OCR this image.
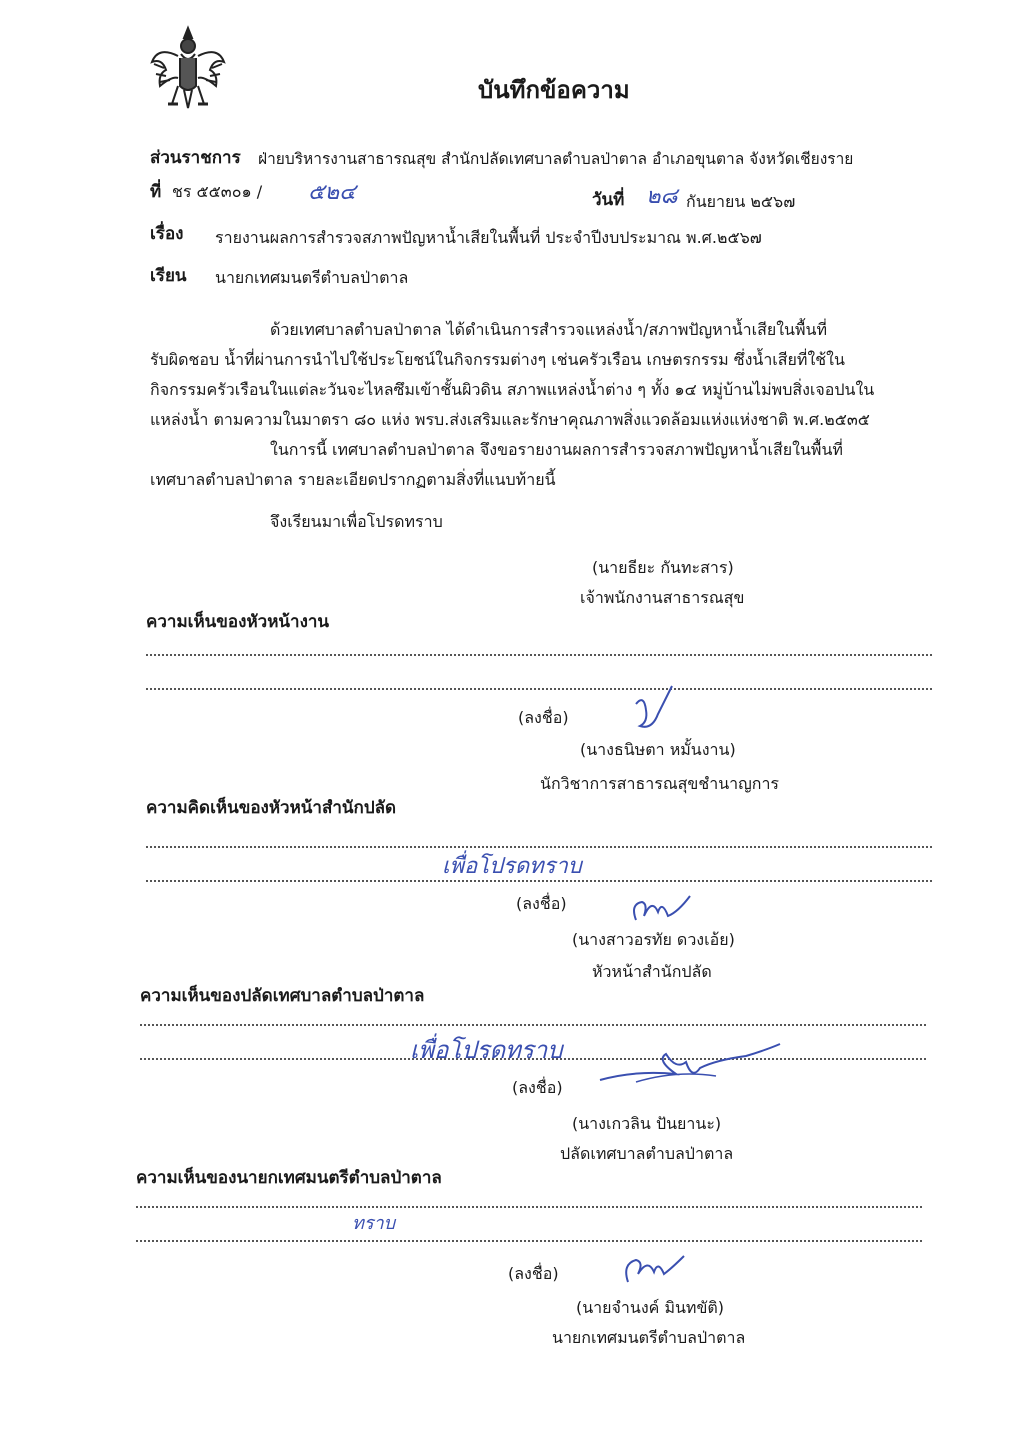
บันทึกข้อความ
ส่วนราชการ ฝ่ายบริหารงานสาธารณสุข สำนักปลัดเทศบาลตำบลป่าตาล อำเภอขุนตาล จังหวัดเชียงราย
ที่ ชร ๕๕๓๐๑ / ๕๒๔	วันที่ ๒๘ กันยายน ๒๕๖๗
เรื่อง รายงานผลการสำรวจสภาพปัญหาน้ำเสียในพื้นที่ ประจำปีงบประมาณ พ.ศ.๒๕๖๗
เรียน นายกเทศมนตรีตำบลป่าตาล
ด้วยเทศบาลตำบลป่าตาล ได้ดำเนินการสำรวจแหล่งน้ำ/สภาพปัญหาน้ำเสียในพื้นที่
รับผิดชอบ น้ำที่ผ่านการนำไปใช้ประโยชน์ในกิจกรรมต่างๆ เช่นครัวเรือน เกษตรกรรม ซึ่งน้ำเสียที่ใช้ใน
กิจกรรมครัวเรือนในแต่ละวันจะไหลซึมเข้าชั้นผิวดิน สภาพแหล่งน้ำต่าง ๆ ทั้ง ๑๔ หมู่บ้านไม่พบสิ่งเจอปนใน
แหล่งน้ำ ตามความในมาตรา ๘๐ แห่ง พรบ.ส่งเสริมและรักษาคุณภาพสิ่งแวดล้อมแห่งแห่งชาติ พ.ศ.๒๕๓๕
ในการนี้ เทศบาลตำบลป่าตาล จึงขอรายงานผลการสำรวจสภาพปัญหาน้ำเสียในพื้นที่
เทศบาลตำบลป่าตาล รายละเอียดปรากฏตามสิ่งที่แนบท้ายนี้
จึงเรียนมาเพื่อโปรดทราบ
(นายธียะ กันทะสาร)
เจ้าพนักงานสาธารณสุข
ความเห็นของหัวหน้างาน
(ลงชื่อ)
(นางธนิษตา หมั้นงาน)
นักวิชาการสาธารณสุขชำนาญการ
ความคิดเห็นของหัวหน้าสำนักปลัด
เพื่อโปรดทราบ
(ลงชื่อ)
(นางสาวอรทัย ดวงเอ้ย)
หัวหน้าสำนักปลัด
ความเห็นของปลัดเทศบาลตำบลป่าตาล
เพื่อโปรดทราบ
(ลงชื่อ)
(นางเกวลิน ปันยานะ)
ปลัดเทศบาลตำบลป่าตาล
ความเห็นของนายกเทศมนตรีตำบลป่าตาล
ทราบ
(ลงชื่อ)
(นายจำนงค์ มินทขัติ)
นายกเทศมนตรีตำบลป่าตาล
